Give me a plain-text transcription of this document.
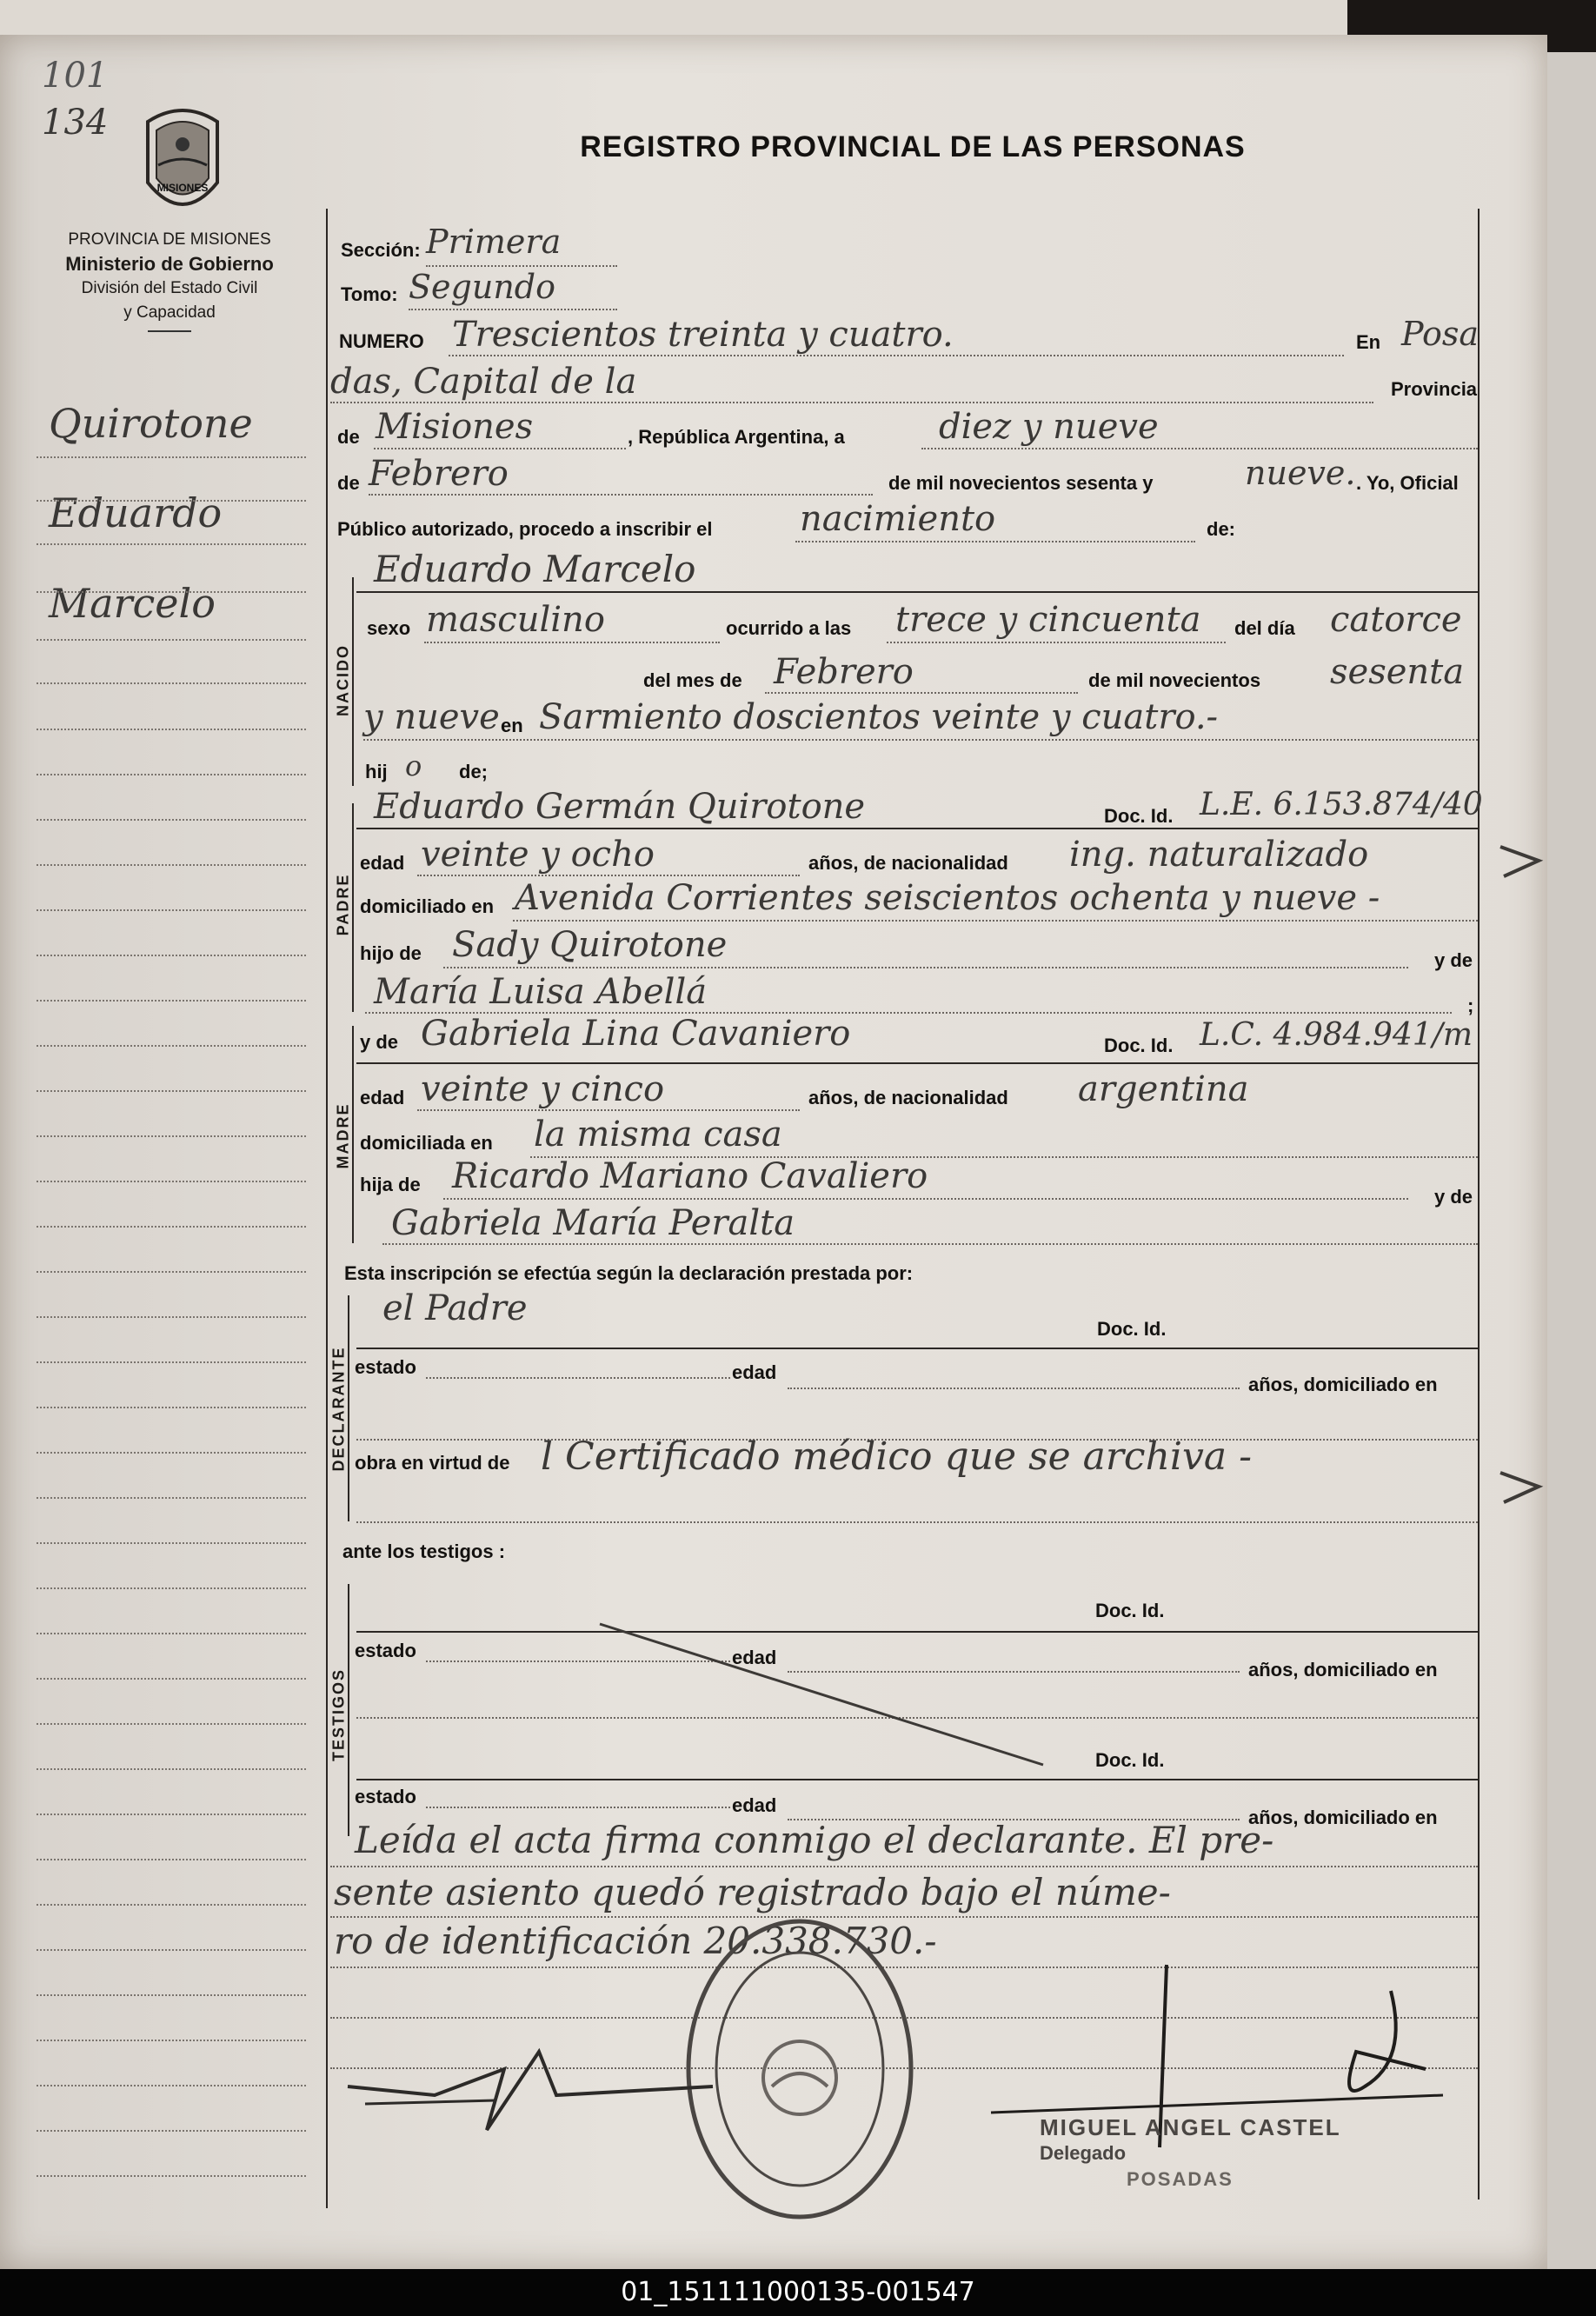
101
134
MISIONES
PROVINCIA DE MISIONES
Ministerio de Gobierno
División del Estado Civil
y Capacidad
REGISTRO PROVINCIAL DE LAS PERSONAS
Quirotone
Eduardo
Marcelo
Sección: Primera
Tomo: Segundo
NUMERO Trescientos treinta y cuatro.	En Posa
das, Capital de la	Provincia
de Misiones	, República Argentina, a	diez y nueve
de Febrero	de mil novecientos sesenta y	nueve. . Yo, Oficial
Público autorizado, procedo a inscribir el	nacimiento	de:
Eduardo Marcelo
NACIDO
sexo masculino	ocurrido a las trece y cincuenta del día catorce
del mes de Febrero	de mil novecientos sesenta
y nueve en Sarmiento doscientos veinte y cuatro.-
hij o de;
PADRE
Eduardo Germán Quirotone	Doc. Id. L.E. 6.153.874/40
edad veinte y ocho	años, de nacionalidad ing. naturalizado
domiciliado en Avenida Corrientes seiscientos ochenta y nueve -
hijo de Sady Quirotone	y de
María Luisa Abellá	;
MADRE
y de Gabriela Lina Cavaniero	Doc. Id. L.C. 4.984.941/m
edad veinte y cinco	años, de nacionalidad argentina
domiciliada en la misma casa
hija de Ricardo Mariano Cavaliero
y de
Gabriela María Peralta
Esta inscripción se efectúa según la declaración prestada por:
DECLARANTE
el Padre
Doc. Id.
estado	edad
años, domiciliado en
obra en virtud de l Certificado médico que se archiva -
ante los testigos :
TESTIGOS
Doc. Id.
estado	edad
años, domiciliado en
Doc. Id.
estado	edad
años, domiciliado en
Leída el acta firma conmigo el declarante. El pre-
sente asiento quedó registrado bajo el núme-
ro de identificación 20.338.730.-
MIGUEL ANGEL CASTEL
Delegado
POSADAS
01_151111000135-001547
